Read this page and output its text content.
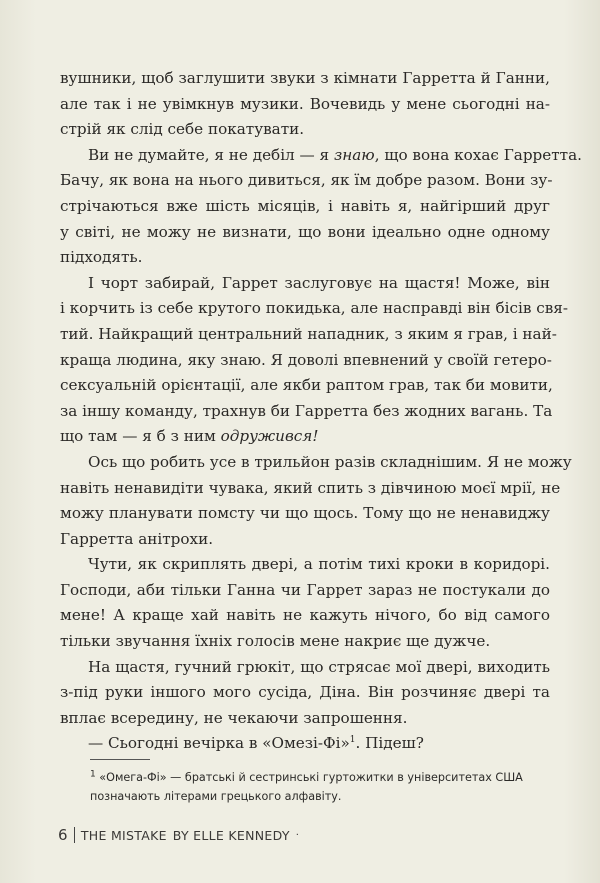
вушники, щоб заглушити звуки з кімнати Гарретта й Ганни,
але так і не увімкнув музики. Вочевидь у мене сьогодні на-
стрій як слід себе покатувати.
Ви не думайте, я не дебіл — я знаю, що вона кохає Гарретта.
Бачу, як вона на нього дивиться, як їм добре разом. Вони зу-
стрічаються вже шість місяців, і навіть я, найгірший друг
у світі, не можу не визнати, що вони ідеально одне одному
підходять.
І чорт забирай, Гаррет заслуговує на щастя! Може, він
і корчить із себе крутого покидька, але насправді він бісів свя-
тий. Найкращий центральний нападник, з яким я грав, і най-
краща людина, яку знаю. Я доволі впевнений у своїй гетеро-
сексуальній орієнтації, але якби раптом грав, так би мовити,
за іншу команду, трахнув би Гарретта без жодних вагань. Та
що там — я б з ним одружився!
Ось що робить усе в трильйон разів складнішим. Я не можу
навіть ненавидіти чувака, який спить з дівчиною моєї мрії, не
можу планувати помсту чи що щось. Тому що не ненавиджу
Гарретта анітрохи.
Чути, як скриплять двері, а потім тихі кроки в коридорі.
Господи, аби тільки Ганна чи Гаррет зараз не постукали до
мене! А краще хай навіть не кажуть нічого, бо від самого
тільки звучання їхніх голосів мене накриє ще дужче.
На щастя, гучний грюкіт, що стрясає мої двері, виходить
з-під руки іншого мого сусіда, Діна. Він розчиняє двері та
вплає всередину, не чекаючи запрошення.
— Сьогодні вечірка в «Омезі-Фі»$^1$. Підеш?
$^1$ «Омега-Фі» — братські й сестринські гуртожитки в університетах США
позначають літерами грецького алфавіту.
6 THE MISTAKE BY ELLE KENNEDY ·
